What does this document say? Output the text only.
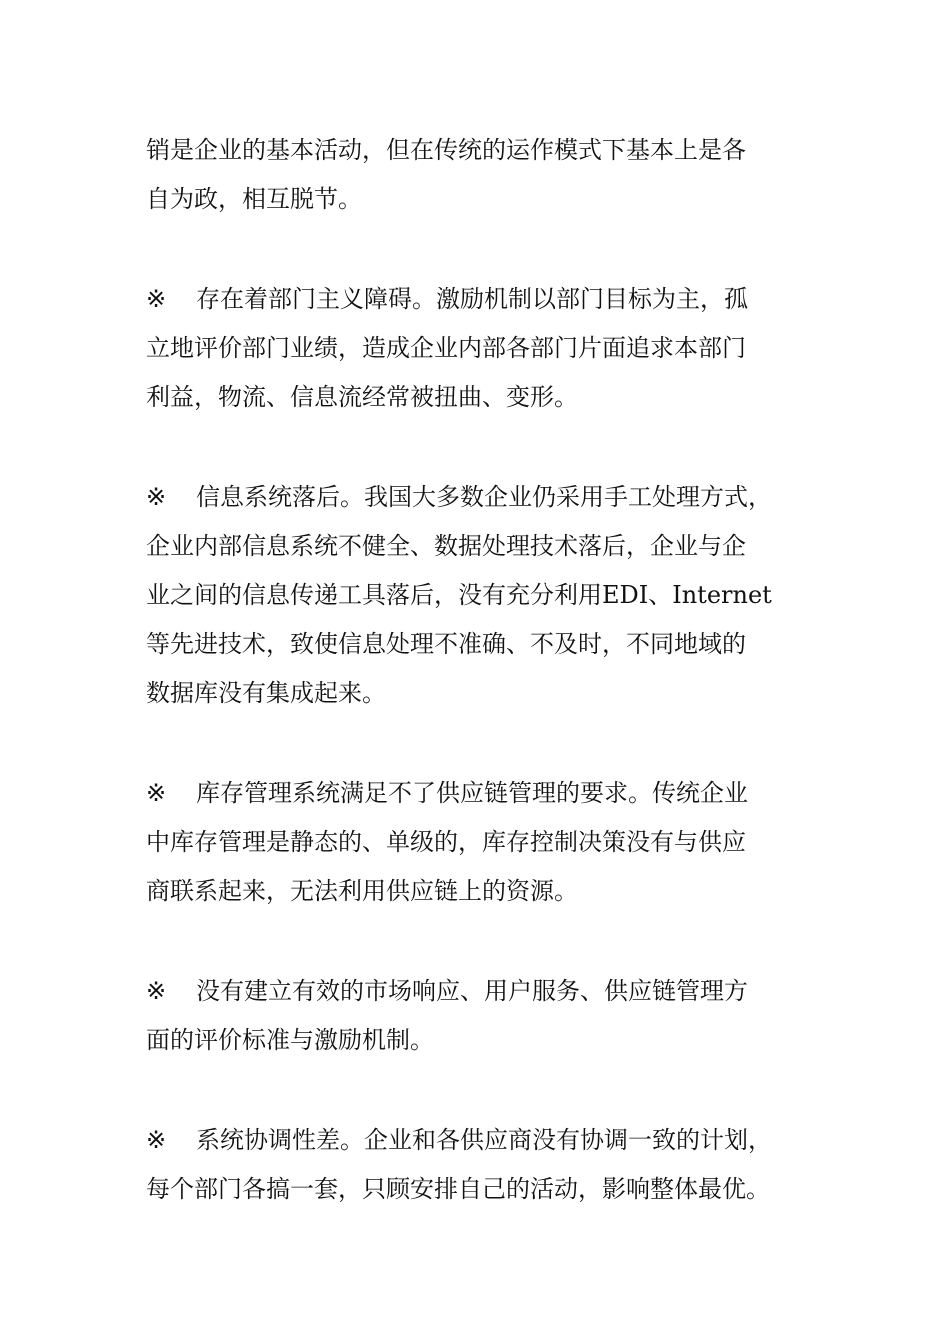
销是企业的基本活动，但在传统的运作模式下基本上是各
自为政，相互脱节。
※ 存在着部门主义障碍。激励机制以部门目标为主，孤
立地评价部门业绩，造成企业内部各部门片面追求本部门
利益，物流、信息流经常被扭曲、变形。
※ 信息系统落后。我国大多数企业仍采用手工处理方式，
企业内部信息系统不健全、数据处理技术落后，企业与企
业之间的信息传递工具落后，没有充分利用EDI、Internet
等先进技术，致使信息处理不准确、不及时，不同地域的
数据库没有集成起来。
※ 库存管理系统满足不了供应链管理的要求。传统企业
中库存管理是静态的、单级的，库存控制决策没有与供应
商联系起来，无法利用供应链上的资源。
※ 没有建立有效的市场响应、用户服务、供应链管理方
面的评价标准与激励机制。
※ 系统协调性差。企业和各供应商没有协调一致的计划，
每个部门各搞一套，只顾安排自己的活动，影响整体最优。
